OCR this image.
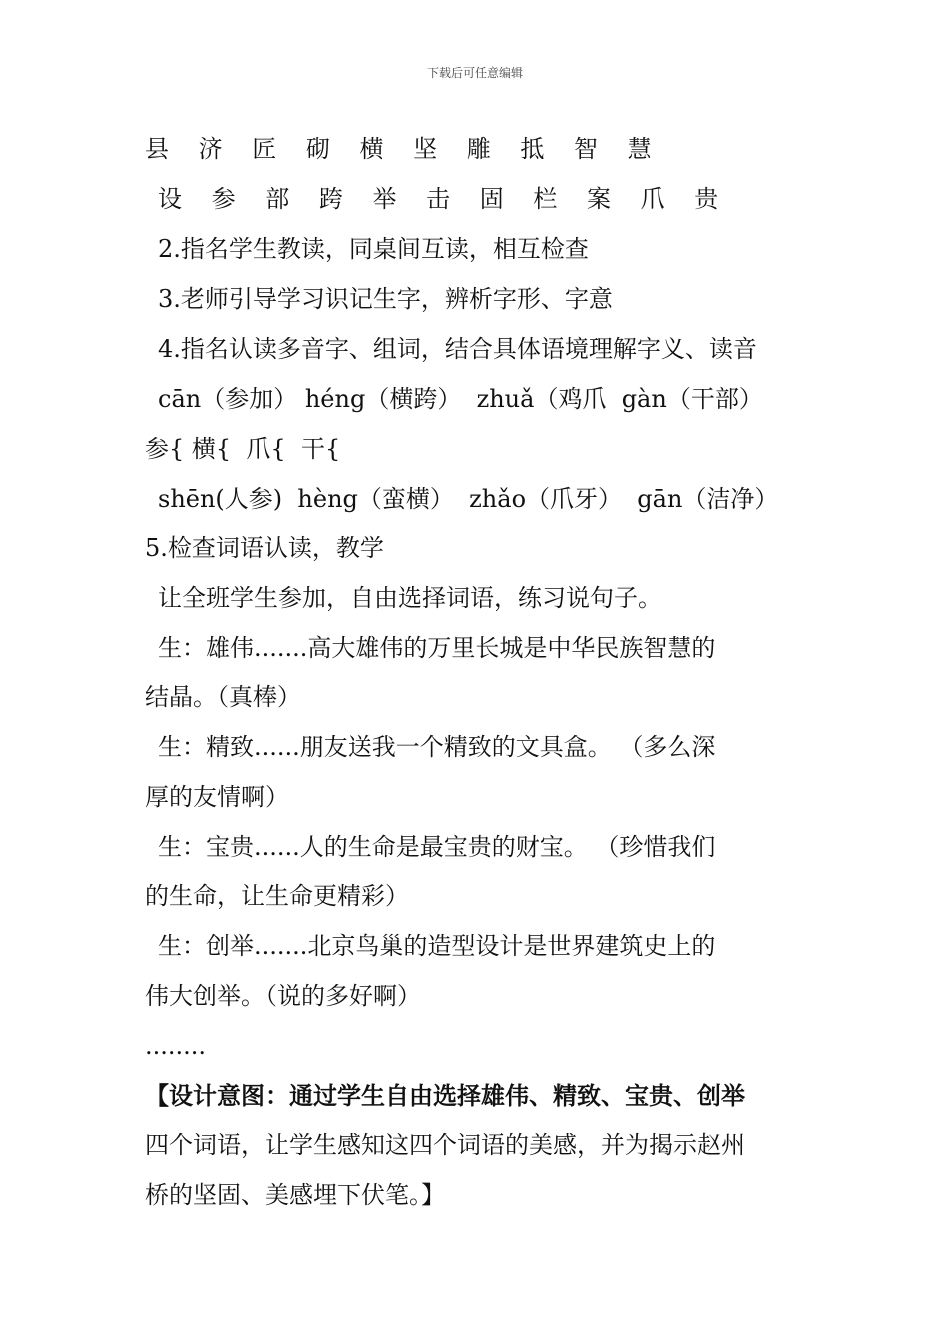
下载后可任意编辑
县 济 匠 砌 横 坚 雕 抵 智 慧
设 参 部 跨 举 击 固 栏 案 爪 贵
2.指名学生教读，同桌间互读，相互检查
3.老师引导学习识记生字，辨析字形、字意
4.指名认读多音字、组词，结合具体语境理解字义、读音
cān（参加） héng（横跨）  zhuǎ（鸡爪  gàn（干部）
参{ 横{  爪{  干{
shēn(人参)  hèng（蛮横）  zhǎo（爪牙）  gān（洁净）
5.检查词语认读，教学
让全班学生参加，自由选择词语，练习说句子。
生：雄伟.......高大雄伟的万里长城是中华民族智慧的
结晶。（真棒）
生：精致......朋友送我一个精致的文具盒。 （多么深
厚的友情啊）
生：宝贵......人的生命是最宝贵的财宝。 （珍惜我们
的生命，让生命更精彩）
生：创举.......北京鸟巢的造型设计是世界建筑史上的
伟大创举。（说的多好啊）
........
【设计意图：通过学生自由选择雄伟、精致、宝贵、创举
四个词语，让学生感知这四个词语的美感，并为揭示赵州
桥的坚固、美感埋下伏笔。】
